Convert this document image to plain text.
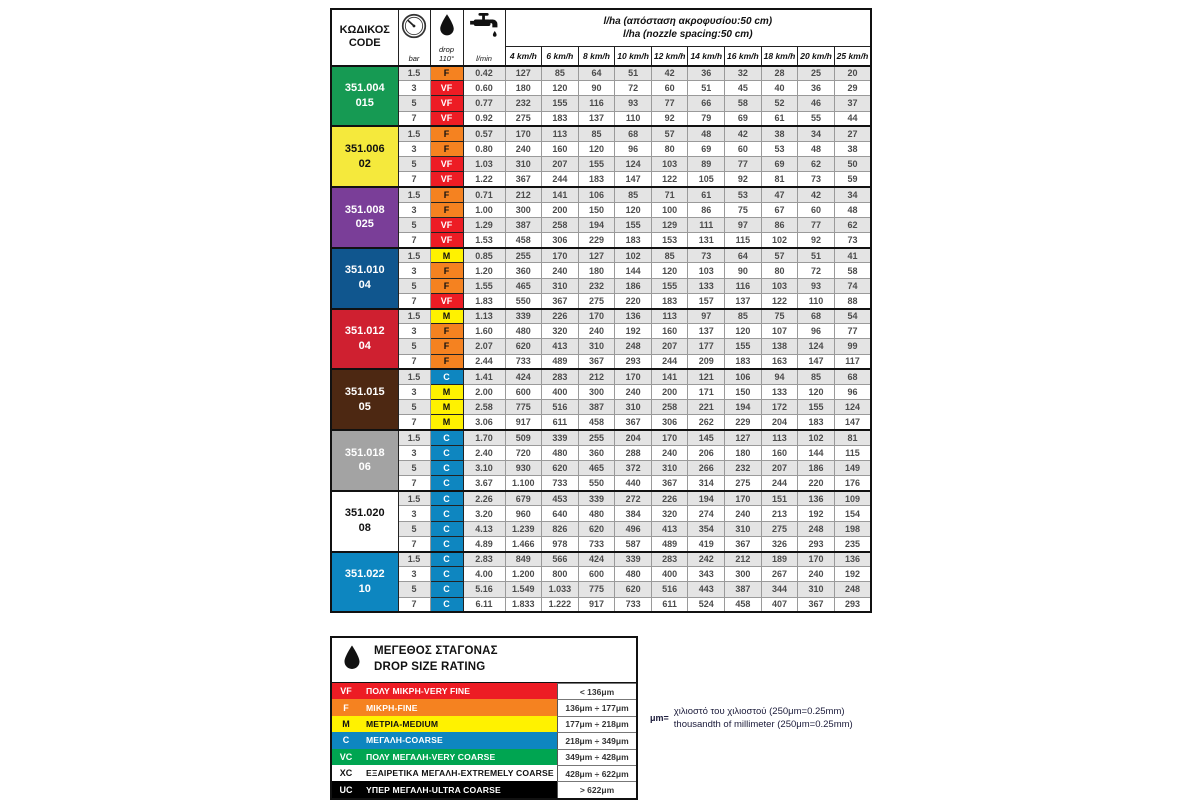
ΚΩΔΙΚΟΣ
CODE

bar

drop 110°	l/min

l/ha (απόσταση ακροφυσίου:50 cm)
l/ha (nozzle spacing:50 cm)

				4 km/h	6 km/h	8 km/h	10 km/h	12 km/h	14 km/h	16 km/h	18 km/h	20 km/h	25 km/h

351.004
015	1.5	F	0.42	127	85	64	51	42	36	32	28	25	20
	3	VF	0.60	180	120	90	72	60	51	45	40	36	29
	5	VF	0.77	232	155	116	93	77	66	58	52	46	37
	7	VF	0.92	275	183	137	110	92	79	69	61	55	44

351.006
02	1.5	F	0.57	170	113	85	68	57	48	42	38	34	27
	3	F	0.80	240	160	120	96	80	69	60	53	48	38
	5	VF	1.03	310	207	155	124	103	89	77	69	62	50
	7	VF	1.22	367	244	183	147	122	105	92	81	73	59

351.008
025	1.5	F	0.71	212	141	106	85	71	61	53	47	42	34
	3	F	1.00	300	200	150	120	100	86	75	67	60	48
	5	VF	1.29	387	258	194	155	129	111	97	86	77	62
	7	VF	1.53	458	306	229	183	153	131	115	102	92	73

351.010
04	1.5	M	0.85	255	170	127	102	85	73	64	57	51	41
	3	F	1.20	360	240	180	144	120	103	90	80	72	58
	5	F	1.55	465	310	232	186	155	133	116	103	93	74
	7	VF	1.83	550	367	275	220	183	157	137	122	110	88

351.012
04	1.5	M	1.13	339	226	170	136	113	97	85	75	68	54
	3	F	1.60	480	320	240	192	160	137	120	107	96	77
	5	F	2.07	620	413	310	248	207	177	155	138	124	99
	7	F	2.44	733	489	367	293	244	209	183	163	147	117

351.015
05	1.5	C	1.41	424	283	212	170	141	121	106	94	85	68
	3	M	2.00	600	400	300	240	200	171	150	133	120	96
	5	M	2.58	775	516	387	310	258	221	194	172	155	124
	7	M	3.06	917	611	458	367	306	262	229	204	183	147

351.018
06	1.5	C	1.70	509	339	255	204	170	145	127	113	102	81
	3	C	2.40	720	480	360	288	240	206	180	160	144	115
	5	C	3.10	930	620	465	372	310	266	232	207	186	149
	7	C	3.67	1.100	733	550	440	367	314	275	244	220	176

351.020
08	1.5	C	2.26	679	453	339	272	226	194	170	151	136	109
	3	C	3.20	960	640	480	384	320	274	240	213	192	154
	5	C	4.13	1.239	826	620	496	413	354	310	275	248	198
	7	C	4.89	1.466	978	733	587	489	419	367	326	293	235

351.022
10	1.5	C	2.83	849	566	424	339	283	242	212	189	170	136
	3	C	4.00	1.200	800	600	480	400	343	300	267	240	192
	5	C	5.16	1.549	1.033	775	620	516	443	387	344	310	248
	7	C	6.11	1.833	1.222	917	733	611	524	458	407	367	293
ΜΕΓΕΘΟΣ ΣΤΑΓΟΝΑΣ
DROP SIZE RATING
VF	ΠΟΛΥ ΜΙΚΡΗ-VERY FINE	< 136μm
F	ΜΙΚΡΗ-FINE	136μm ÷ 177μm
M	ΜΕΤΡΙΑ-MEDIUM	177μm ÷ 218μm
C	ΜΕΓΑΛΗ-COARSE	218μm ÷ 349μm
VC	ΠΟΛΥ ΜΕΓΑΛΗ-VERY COARSE	349μm ÷ 428μm
XC	ΕΞΑΙΡΕΤΙΚΑ ΜΕΓΑΛΗ-EXTREMELY COARSE	428μm ÷ 622μm
UC	ΥΠΕΡ ΜΕΓΑΛΗ-ULTRA COARSE	> 622μm
μm=
χιλιοστό του χιλιοστού (250μm=0.25mm)
thousandth of millimeter (250μm=0.25mm)
